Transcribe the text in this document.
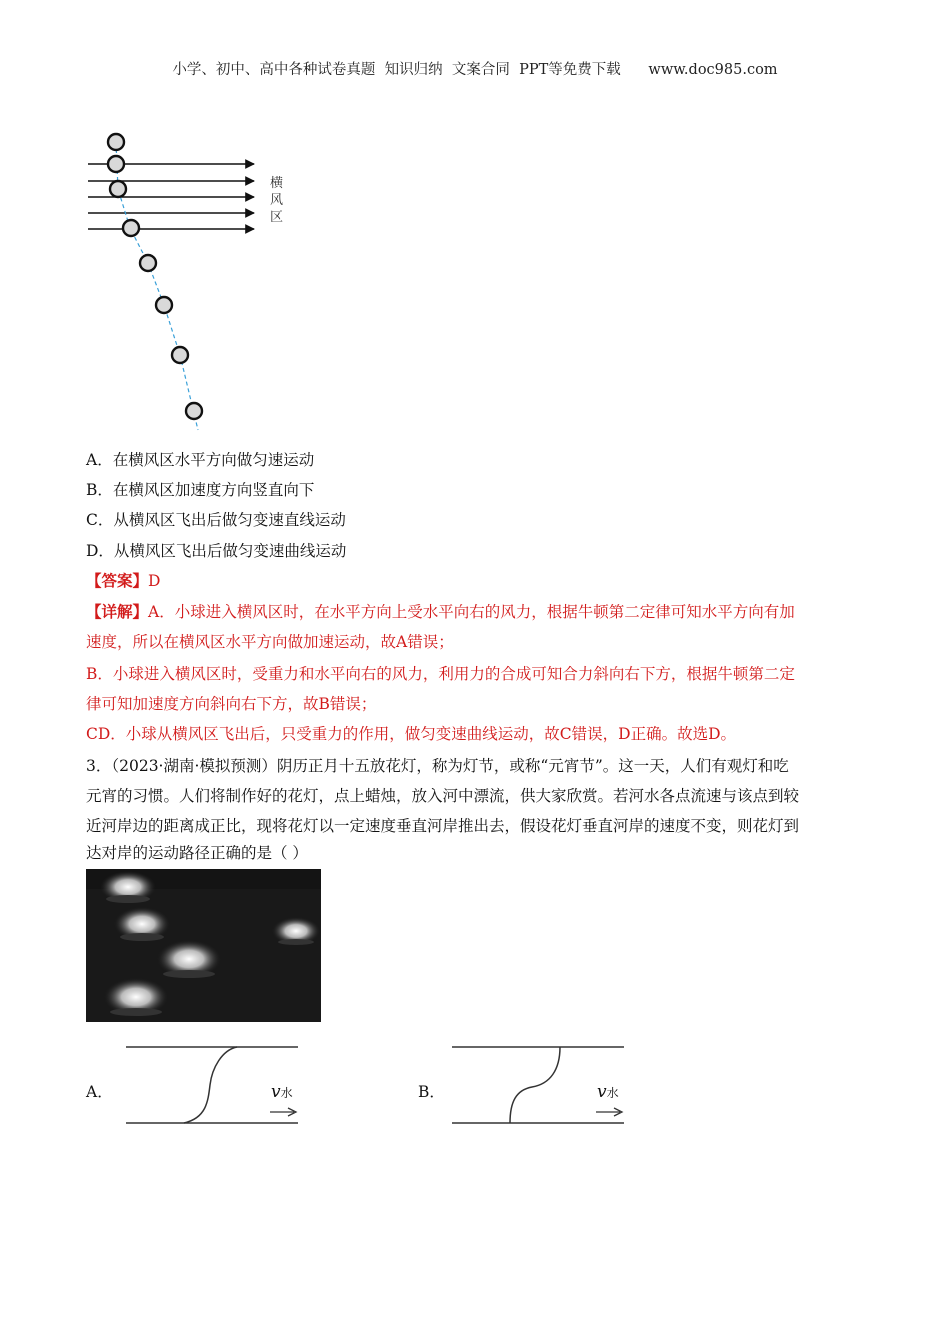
小学、初中、高中各种试卷真题  知识归纳  文案合同  PPT等免费下载      www.doc985.com
横
风
区
A．在横风区水平方向做匀速运动
B．在横风区加速度方向竖直向下
C．从横风区飞出后做匀变速直线运动
D．从横风区飞出后做匀变速曲线运动
【答案】D
【详解】A．小球进入横风区时，在水平方向上受水平向右的风力，根据牛顿第二定律可知水平方向有加
速度，所以在横风区水平方向做加速运动，故A错误；
B．小球进入横风区时，受重力和水平向右的风力，利用力的合成可知合力斜向右下方，根据牛顿第二定
律可知加速度方向斜向右下方，故B错误；
CD．小球从横风区飞出后，只受重力的作用，做匀变速曲线运动，故C错误，D正确。故选D。
3．（2023·湖南·模拟预测）阴历正月十五放花灯，称为灯节，或称“元宵节”。这一天，人们有观灯和吃
元宵的习惯。人们将制作好的花灯，点上蜡烛，放入河中漂流，供大家欣赏。若河水各点流速与该点到较
近河岸边的距离成正比，现将花灯以一定速度垂直河岸推出去，假设花灯垂直河岸的速度不变，则花灯到
达对岸的运动路径正确的是（ ）
A．	v水	B．	v水
